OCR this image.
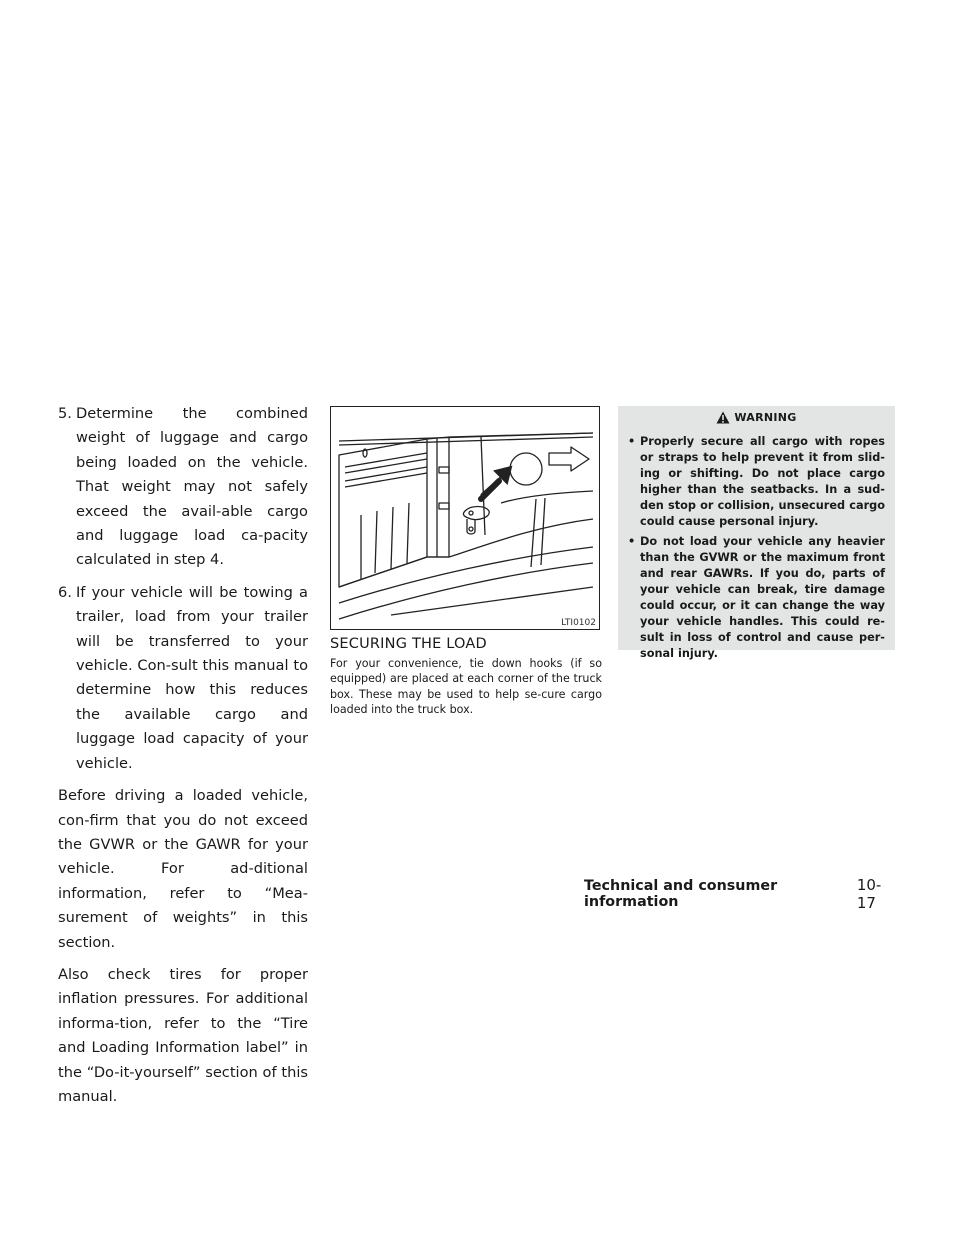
5. Determine the combined weight of luggage and cargo being loaded on the vehicle. That weight may not safely exceed the avail-able cargo and luggage load ca-pacity calculated in step 4.
6. If your vehicle will be towing a trailer, load from your trailer will be transferred to your vehicle. Con-sult this manual to determine how this reduces the available cargo and luggage load capacity of your vehicle.

Before driving a loaded vehicle, con-firm that you do not exceed the GVWR or the GAWR for your vehicle. For ad-ditional information, refer to “Mea-surement of weights” in this section.

Also check tires for proper inflation pressures. For additional informa-tion, refer to the “Tire and Loading Information label” in the “Do-it-yourself” section of this manual.

LTI0102
SECURING THE LOAD

For your convenience, tie down hooks (if so equipped) are placed at each corner of the truck box. These may be used to help se-cure cargo loaded into the truck box.

WARNING
• Properly secure all cargo with ropes or straps to help prevent it from slid-ing or shifting. Do not place cargo higher than the seatbacks. In a sud-den stop or collision, unsecured cargo could cause personal injury.
• Do not load your vehicle any heavier than the GVWR or the maximum front and rear GAWRs. If you do, parts of your vehicle can break, tire damage could occur, or it can change the way your vehicle handles. This could re-sult in loss of control and cause per-sonal injury.
Technical and consumer information
10-17
